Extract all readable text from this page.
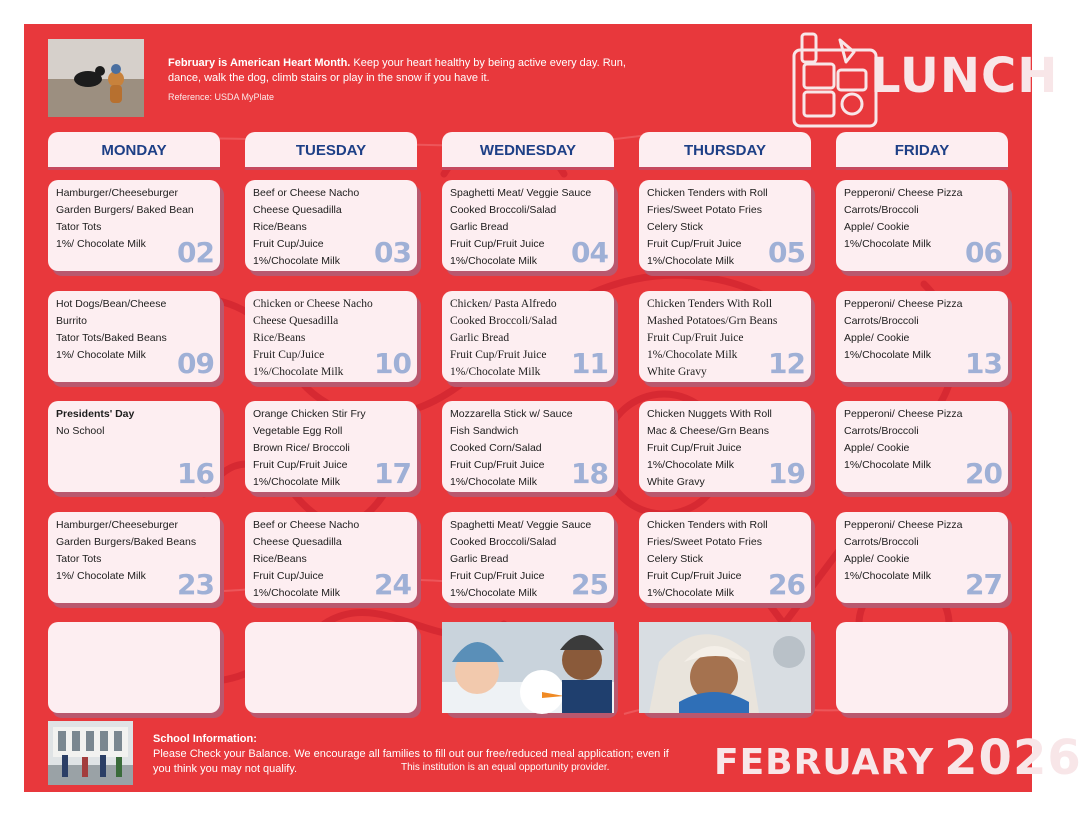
February is American Heart Month. Keep your heart healthy by being active every day. Run, dance, walk the dog, climb stairs or play in the snow if you have it.
Reference: USDA MyPlate	LUNCH
MONDAY	TUESDAY	WEDNESDAY	THURSDAY	FRIDAY
Hamburger/Cheeseburger
Garden Burgers/ Baked Bean
Tator Tots
1%/ Chocolate Milk	02
Beef or Cheese Nacho
Cheese Quesadilla
Rice/Beans
Fruit Cup/Juice
1%/Chocolate Milk	03
Spaghetti Meat/ Veggie Sauce
Cooked Broccoli/Salad
Garlic Bread
Fruit Cup/Fruit Juice
1%/Chocolate Milk	04
Chicken Tenders with Roll
Fries/Sweet Potato Fries
Celery Stick
Fruit Cup/Fruit Juice
1%/Chocolate Milk	05
Pepperoni/ Cheese Pizza
Carrots/Broccoli
Apple/ Cookie
1%/Chocolate Milk	06
Hot Dogs/Bean/Cheese
Burrito
Tator Tots/Baked Beans
1%/ Chocolate Milk	09
Chicken or Cheese Nacho
Cheese Quesadilla
Rice/Beans
Fruit Cup/Juice
1%/Chocolate Milk	10
Chicken/ Pasta Alfredo
Cooked Broccoli/Salad
Garlic Bread
Fruit Cup/Fruit Juice
1%/Chocolate Milk	11
Chicken Tenders With Roll
Mashed Potatoes/Grn Beans
Fruit Cup/Fruit Juice
1%/Chocolate Milk
White Gravy	12
Pepperoni/ Cheese Pizza
Carrots/Broccoli
Apple/ Cookie
1%/Chocolate Milk	13
Presidents' Day
No School
16
Orange Chicken Stir Fry
Vegetable Egg Roll
Brown Rice/ Broccoli
Fruit Cup/Fruit Juice
1%/Chocolate Milk	17
Mozzarella Stick w/ Sauce
Fish Sandwich
Cooked Corn/Salad
Fruit Cup/Fruit Juice
1%/Chocolate Milk	18
Chicken Nuggets With Roll
Mac & Cheese/Grn Beans
Fruit Cup/Fruit Juice
1%/Chocolate Milk
White Gravy	19
Pepperoni/ Cheese Pizza
Carrots/Broccoli
Apple/ Cookie
1%/Chocolate Milk	20
Hamburger/Cheeseburger
Garden Burgers/Baked Beans
Tator Tots
1%/ Chocolate Milk	23
Beef or Cheese Nacho
Cheese Quesadilla
Rice/Beans
Fruit Cup/Juice
1%/Chocolate Milk	24
Spaghetti Meat/ Veggie Sauce
Cooked Broccoli/Salad
Garlic Bread
Fruit Cup/Fruit Juice
1%/Chocolate Milk	25
Chicken Tenders with Roll
Fries/Sweet Potato Fries
Celery Stick
Fruit Cup/Fruit Juice
1%/Chocolate Milk	26
Pepperoni/ Cheese Pizza
Carrots/Broccoli
Apple/ Cookie
1%/Chocolate Milk	27
School Information:
Please Check your Balance. We encourage all families to fill out our free/reduced meal application; even if you think you may not qualify.	This institution is an equal opportunity provider.	FEBRUARY 2026
